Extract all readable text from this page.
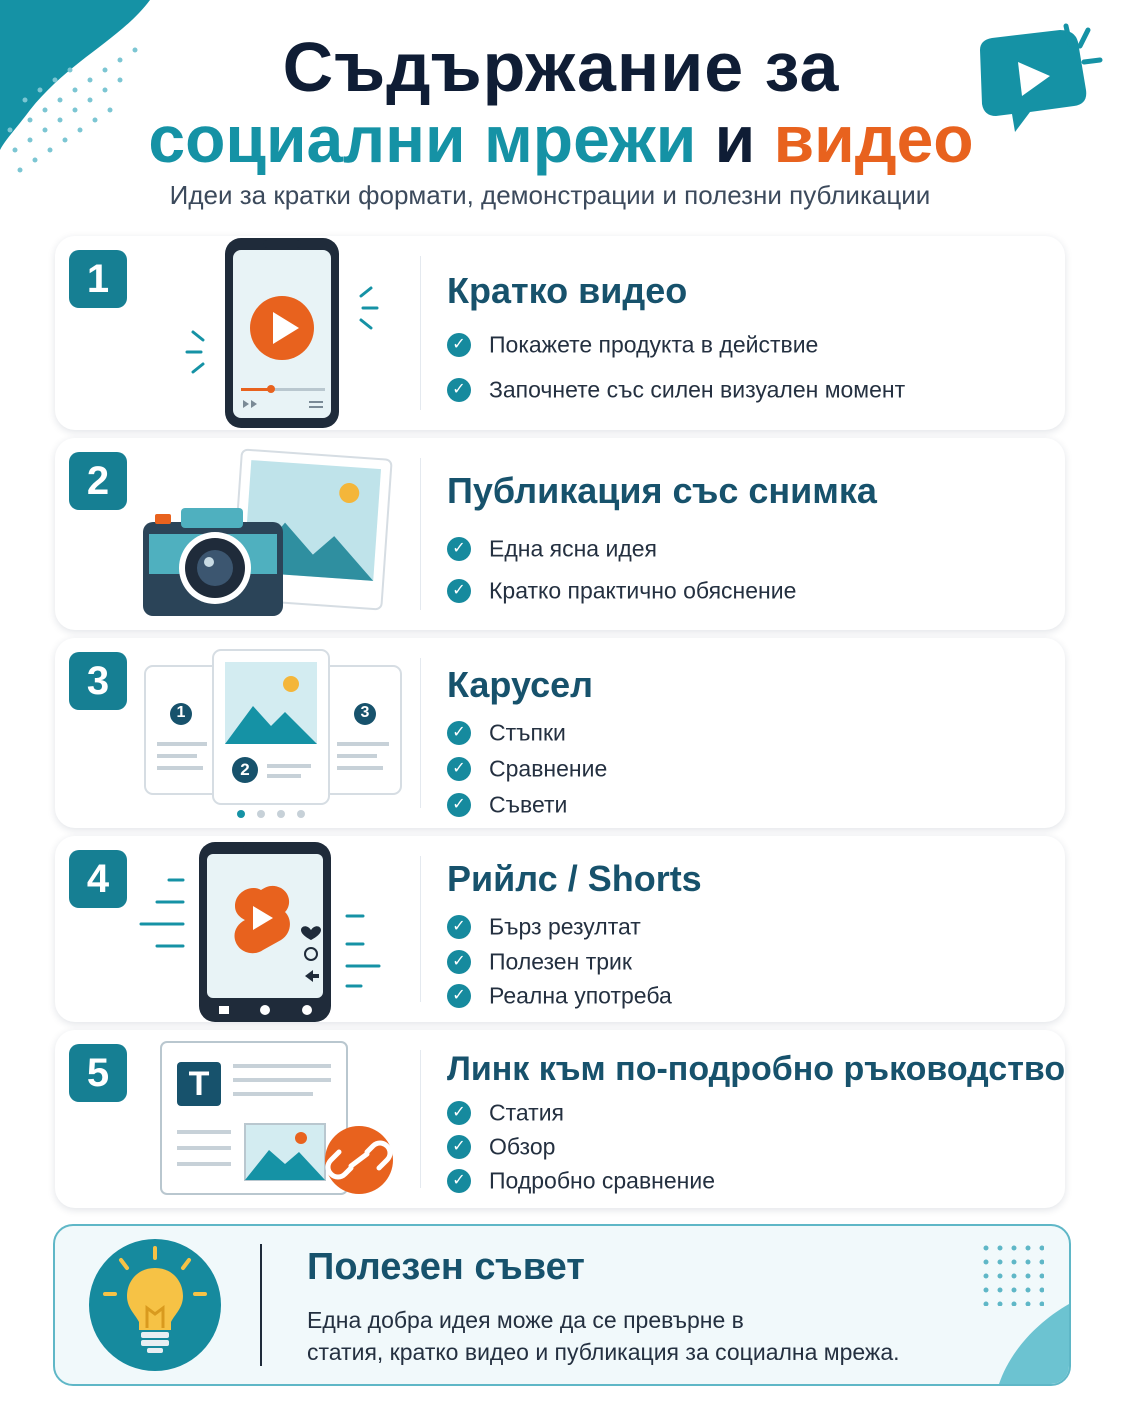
Съдържание за
социални мрежи и видео
Идеи за кратки формати, демонстрации и полезни публикации
1	Кратко видео
✓ Покажете продукта в действие
✓ Започнете със силен визуален момент
2	Публикация със снимка
✓ Една ясна идея
✓ Кратко практично обяснение
3
1
2
3
Карусел
✓ Стъпки
✓ Сравнение
✓ Съвети
4	Рийлс / Shorts
✓ Бърз резултат
✓ Полезен трик
✓ Реална употреба
5	T	Линк към по-подробно ръководство
✓ Статия
✓ Обзор
✓ Подробно сравнение
Полезен съвет
Една добра идея може да се превърне в
статия, кратко видео и публикация за социална мрежа.
